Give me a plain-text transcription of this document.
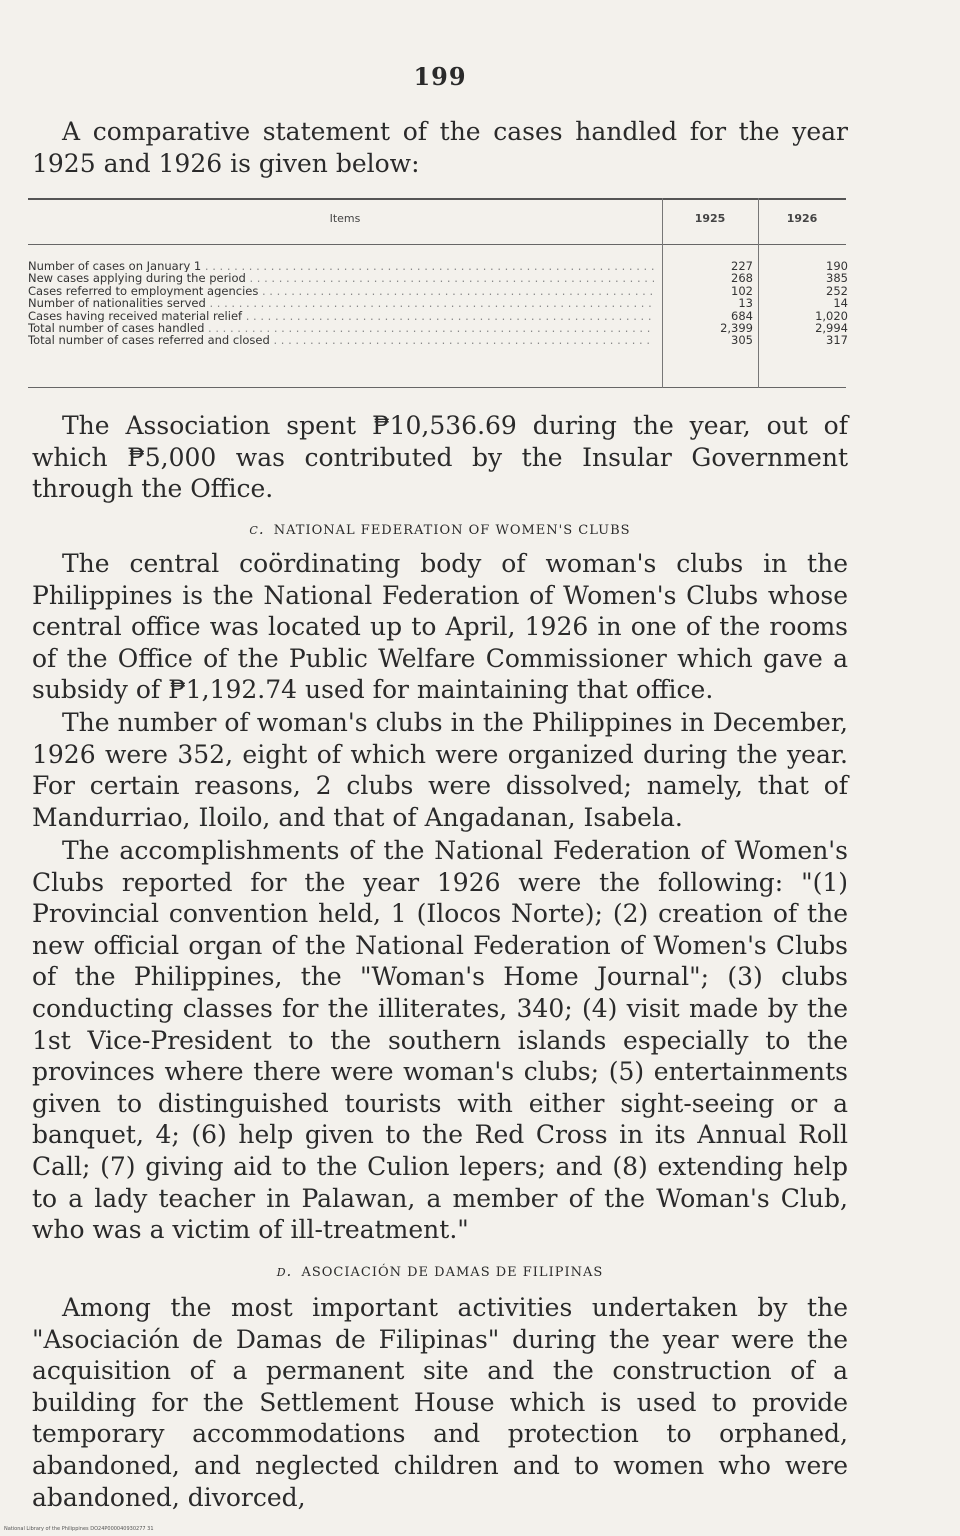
199

A comparative statement of the cases handled for the year 1925 and 1926 is given below:

Items	1925	1926
Number of cases on January 1 . . .	227	190
New cases applying during the period . . .	268	385
Cases referred to employment agencies . . .	102	252
Number of nationalities served . . .	13	14
Cases having received material relief . . .	684	1,020
Total number of cases handled . . .	2,399	2,994
Total number of cases referred and closed . . .	305	317

The Association spent ₱10,536.69 during the year, out of which ₱5,000 was contributed by the Insular Government through the Office.

c. NATIONAL FEDERATION OF WOMEN'S CLUBS

The central coördinating body of woman's clubs in the Philippines is the National Federation of Women's Clubs whose central office was located up to April, 1926 in one of the rooms of the Office of the Public Welfare Commissioner which gave a subsidy of ₱1,192.74 used for maintaining that office.

The number of woman's clubs in the Philippines in December, 1926 were 352, eight of which were organized during the year. For certain reasons, 2 clubs were dissolved; namely, that of Mandurriao, Iloilo, and that of Angadanan, Isabela.

The accomplishments of the National Federation of Women's Clubs reported for the year 1926 were the following: "(1) Provincial convention held, 1 (Ilocos Norte); (2) creation of the new official organ of the National Federation of Women's Clubs of the Philippines, the "Woman's Home Journal"; (3) clubs conducting classes for the illiterates, 340; (4) visit made by the 1st Vice-President to the southern islands especially to the provinces where there were woman's clubs; (5) entertainments given to distinguished tourists with either sight-seeing or a banquet, 4; (6) help given to the Red Cross in its Annual Roll Call; (7) giving aid to the Culion lepers; and (8) extending help to a lady teacher in Palawan, a member of the Woman's Club, who was a victim of ill-treatment."

d. ASOCIACIÓN DE DAMAS DE FILIPINAS

Among the most important activities undertaken by the "Asociación de Damas de Filipinas" during the year were the acquisition of a permanent site and the construction of a building for the Settlement House which is used to provide temporary accommodations and protection to orphaned, abandoned, and neglected children and to women who were abandoned, divorced,

National Library of the Philippines DO24P000040930277 31
